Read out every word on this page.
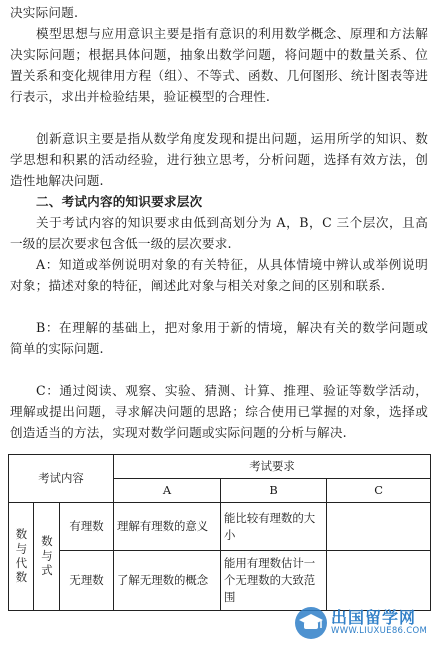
决实际问题.

模型思想与应用意识主要是指有意识的利用数学概念、原理和方法解决实际问题；根据具体问题，抽象出数学问题，将问题中的数量关系、位置关系和变化规律用方程（组）、不等式、函数、几何图形、统计图表等进行表示，求出并检验结果，验证模型的合理性.

创新意识主要是指从数学角度发现和提出问题，运用所学的知识、数学思想和积累的活动经验，进行独立思考，分析问题，选择有效方法，创造性地解决问题.

二、考试内容的知识要求层次

关于考试内容的知识要求由低到高划分为 A，B，C 三个层次，且高一级的层次要求包含低一级的层次要求.

A：知道或举例说明对象的有关特征，从具体情境中辨认或举例说明对象；描述对象的特征，阐述此对象与相关对象之间的区别和联系.

B：在理解的基础上，把对象用于新的情境，解决有关的数学问题或简单的实际问题.

C：通过阅读、观察、实验、猜测、计算、推理、验证等数学活动，理解或提出问题，寻求解决问题的思路；综合使用已掌握的对象，选择或创造适当的方法，实现对数学问题或实际问题的分析与解决.

考试内容			考试要求		
			A	B	C

数与代数	数与式	有理数	理解有理数的意义	能比较有理数的大小	
		无理数	了解无理数的概念	能用有理数估计一个无理数的大致范围	
出国留学网
WWW.LIUXUE86.COM
